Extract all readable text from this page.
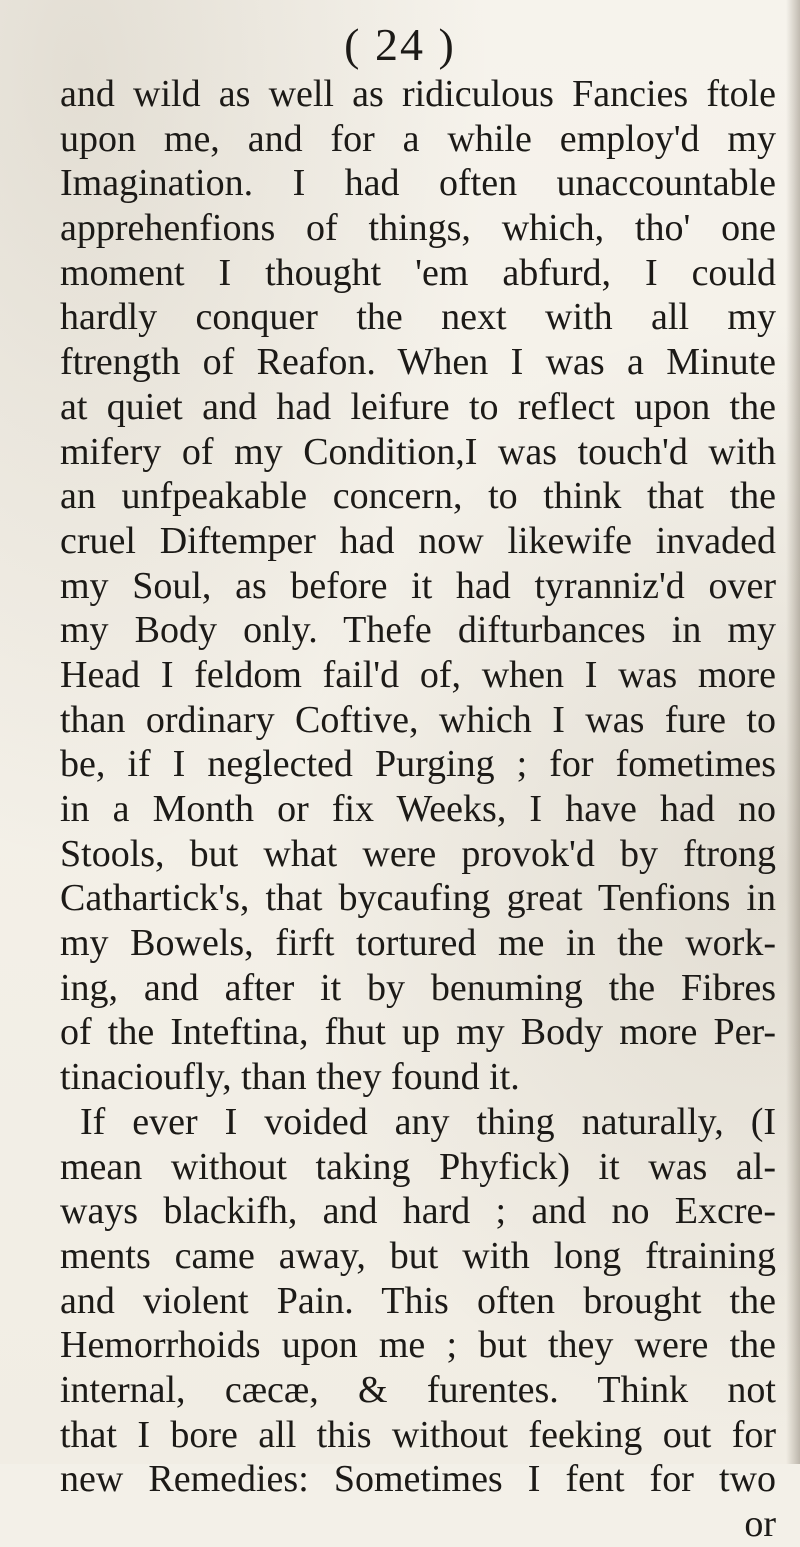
( 24 )
and wild as well as ridiculous Fancies ftole
upon me, and for a while employ'd my
Imagination. I had often unaccountable
apprehenfions of things, which, tho' one
moment I thought 'em abfurd, I could
hardly conquer the next with all my
ftrength of Reafon. When I was a Minute
at quiet and had leifure to reflect upon the
mifery of my Condition,I was touch'd with
an unfpeakable concern, to think that the
cruel Diftemper had now likewife invaded
my Soul, as before it had tyranniz'd over
my Body only. Thefe difturbances in my
Head I feldom fail'd of, when I was more
than ordinary Coftive, which I was fure to
be, if I neglected Purging ; for fometimes
in a Month or fix Weeks, I have had no
Stools, but what were provok'd by ftrong
Cathartick's, that bycaufing great Tenfions in
my Bowels, firft tortured me in the work-
ing, and after it by benuming the Fibres
of the Inteftina, fhut up my Body more Per-
tinacioufly, than they found it.
If ever I voided any thing naturally, (I
mean without taking Phyfick) it was al-
ways blackifh, and hard ; and no Excre-
ments came away, but with long ftraining
and violent Pain. This often brought the
Hemorrhoids upon me ; but they were the
internal, cæcæ, & furentes. Think not
that I bore all this without feeking out for
new Remedies: Sometimes I fent for two
or
